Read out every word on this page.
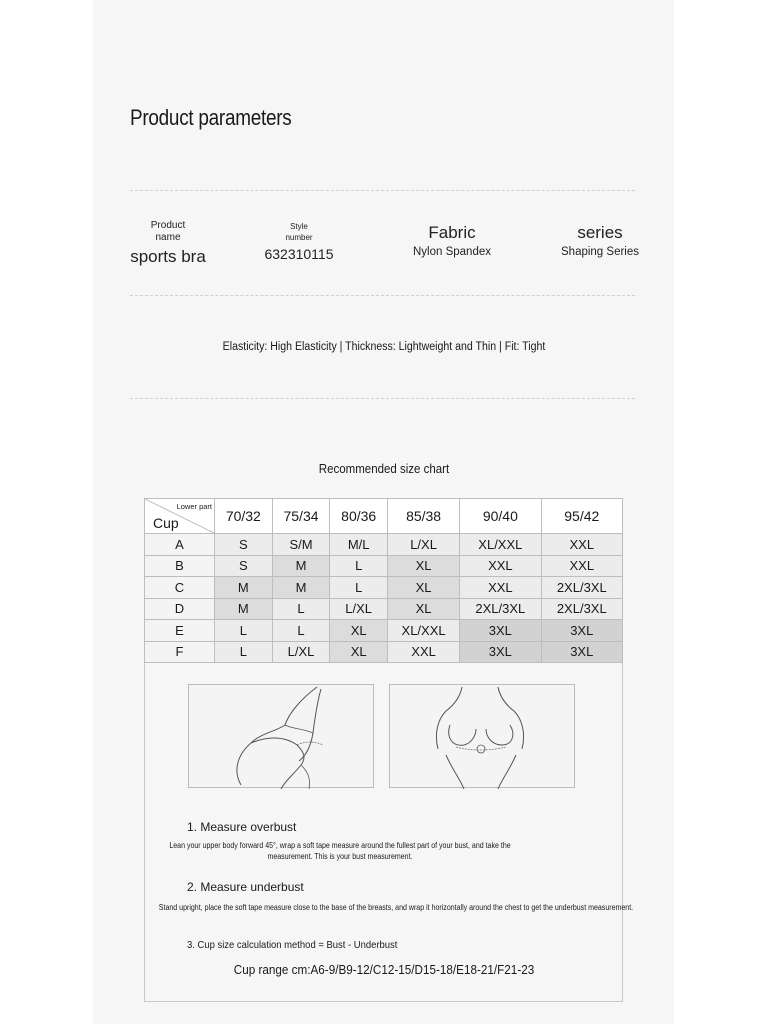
Product parameters
Product
name
sports bra
Style
number
632310115
Fabric
Nylon Spandex
series
Shaping Series
Elasticity: High Elasticity | Thickness: Lightweight and Thin | Fit: Tight
Recommended size chart
Lower part
Cup	70/32	75/34	80/36	85/38	90/40	95/42
A	S	S/M	M/L	L/XL	XL/XXL	XXL
B	S	M	L	XL	XXL	XXL
C	M	M	L	XL	XXL	2XL/3XL
D	M	L	L/XL	XL	2XL/3XL	2XL/3XL
E	L	L	XL	XL/XXL	3XL	3XL
F	L	L/XL	XL	XXL	3XL	3XL
1. Measure overbust
Lean your upper body forward 45°, wrap a soft tape measure around the fullest part of your bust, and take the measurement. This is your bust measurement.
2. Measure underbust
Stand upright, place the soft tape measure close to the base of the breasts, and wrap it horizontally around the chest to get the underbust measurement.
3. Cup size calculation method = Bust - Underbust
Cup range cm:A6-9/B9-12/C12-15/D15-18/E18-21/F21-23
